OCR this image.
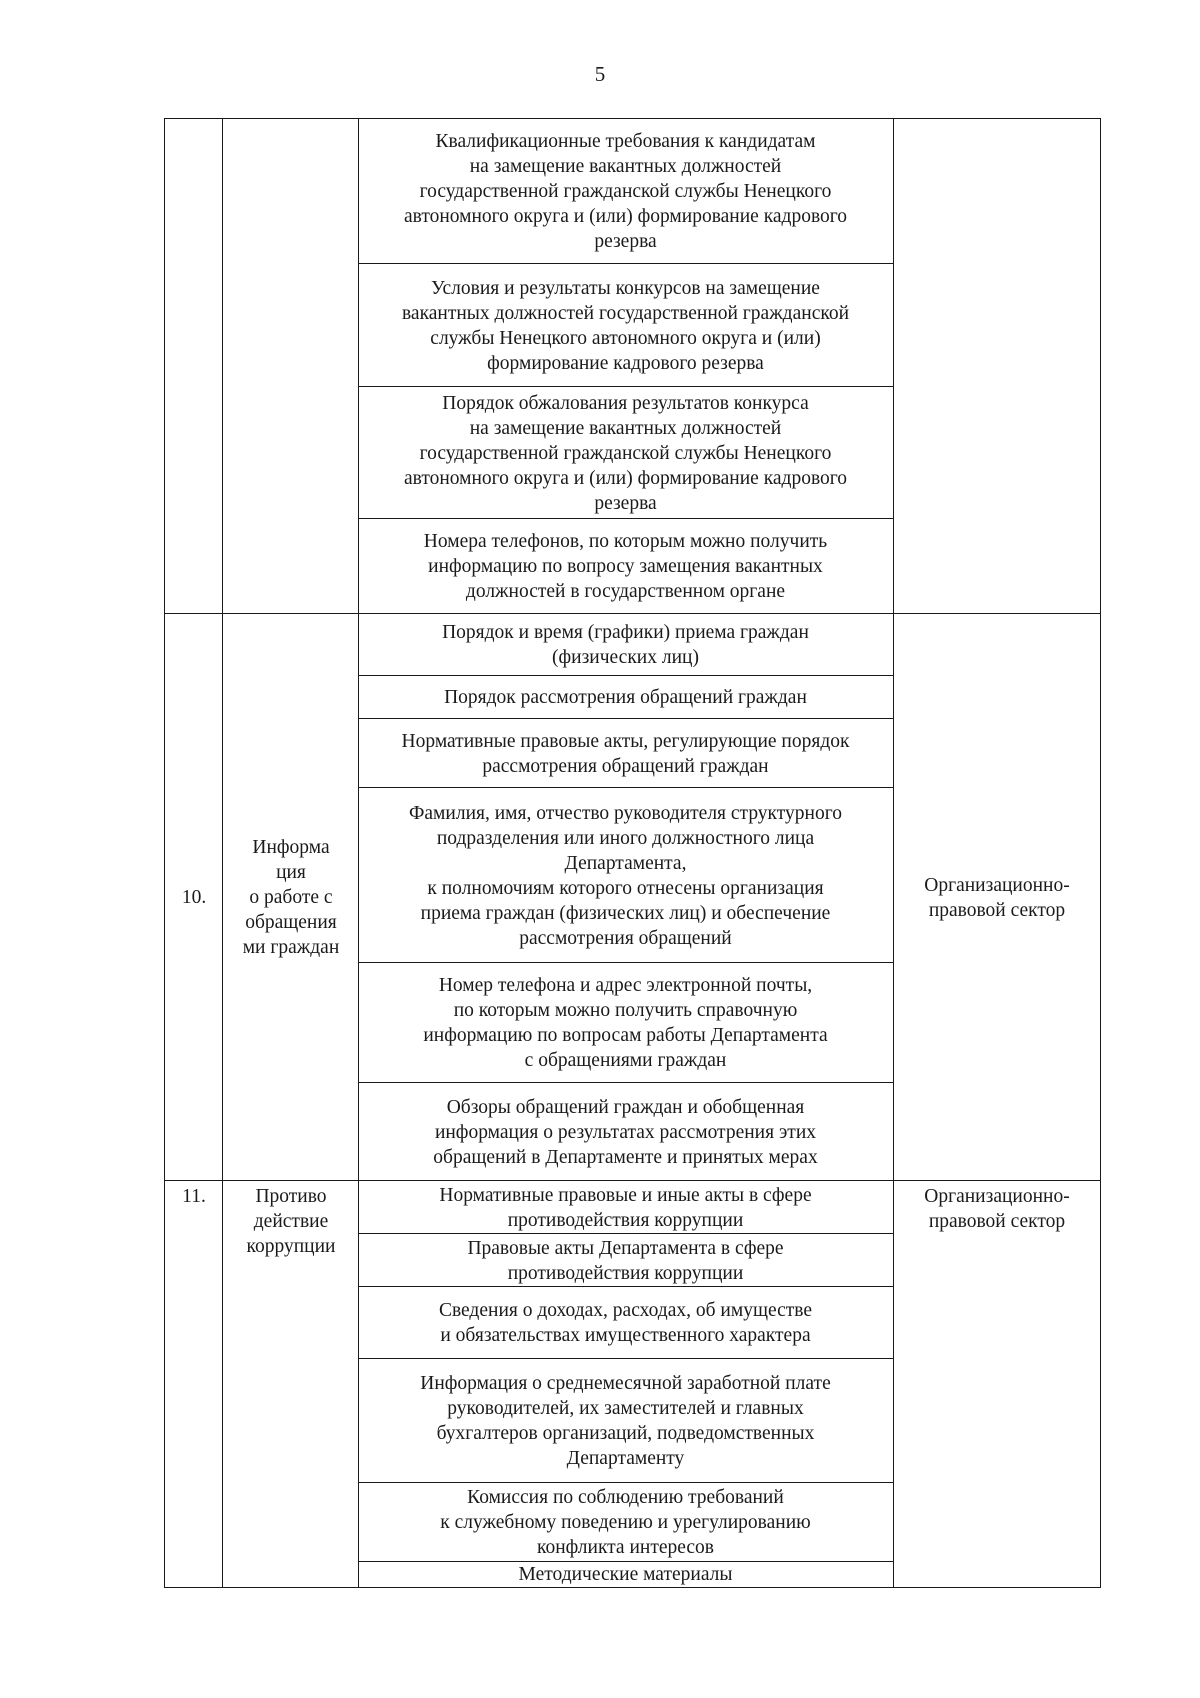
5
Квалификационные требования к кандидатам
на замещение вакантных должностей
государственной гражданской службы Ненецкого
автономного округа и (или) формирование кадрового
резерва
Условия и результаты конкурсов на замещение
вакантных должностей государственной гражданской
службы Ненецкого автономного округа и (или)
формирование кадрового резерва
Порядок обжалования результатов конкурса
на замещение вакантных должностей
государственной гражданской службы Ненецкого
автономного округа и (или) формирование кадрового
резерва
Номера телефонов, по которым можно получить
информацию по вопросу замещения вакантных
должностей в государственном органе
10.
Информа
ция
о работе с
обращения
ми граждан
Порядок и время (графики) приема граждан
(физических лиц)
Порядок рассмотрения обращений граждан
Нормативные правовые акты, регулирующие порядок
рассмотрения обращений граждан
Фамилия, имя, отчество руководителя структурного
подразделения или иного должностного лица
Департамента,
к полномочиям которого отнесены организация
приема граждан (физических лиц) и обеспечение
рассмотрения обращений
Номер телефона и адрес электронной почты,
по которым можно получить справочную
информацию по вопросам работы Департамента
с обращениями граждан
Обзоры обращений граждан и обобщенная
информация о результатах рассмотрения этих
обращений в Департаменте и принятых мерах
Организационно-
правовой сектор
11.	Противо
действие
коррупции
Нормативные правовые и иные акты в сфере
противодействия коррупции
Правовые акты Департамента в сфере
противодействия коррупции
Сведения о доходах, расходах, об имуществе
и обязательствах имущественного характера
Информация о среднемесячной заработной плате
руководителей, их заместителей и главных
бухгалтеров организаций, подведомственных
Департаменту
Комиссия по соблюдению требований
к служебному поведению и урегулированию
конфликта интересов
Методические материалы
Организационно-
правовой сектор
